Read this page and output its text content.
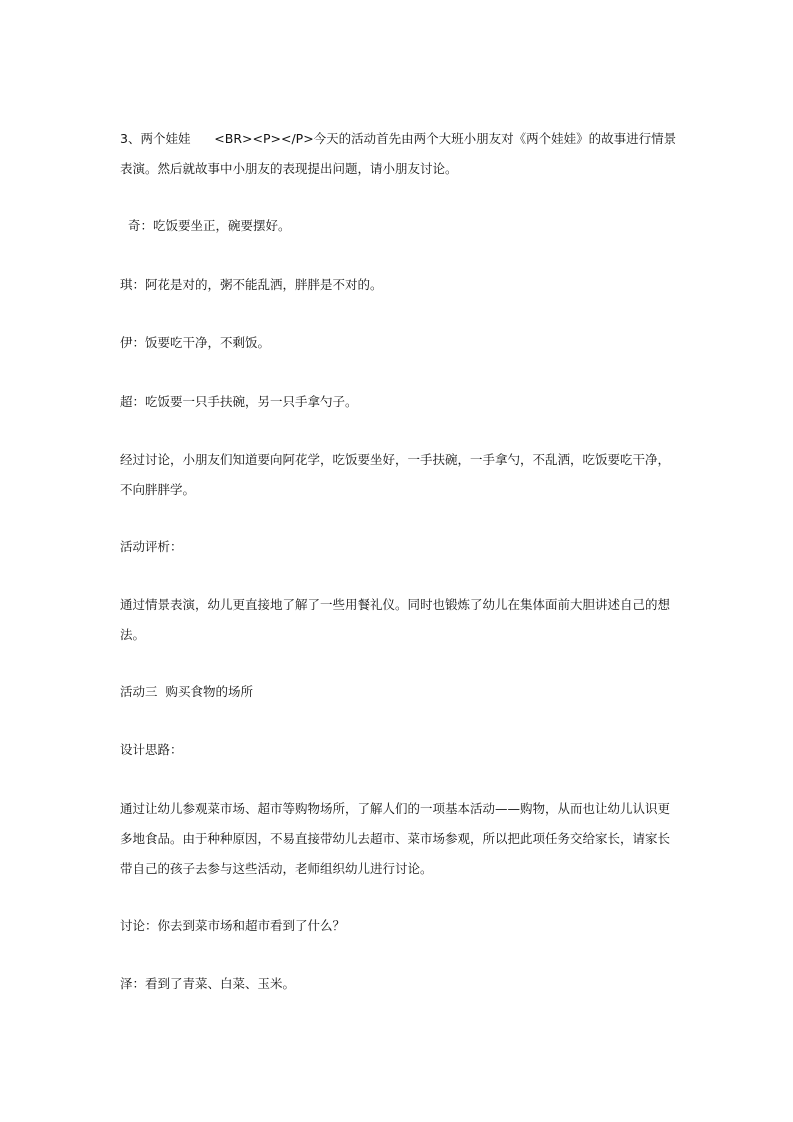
3、两个娃娃      <BR><P></P>今天的活动首先由两个大班小朋友对《两个娃娃》的故事进行情景表演。然后就故事中小朋友的表现提出问题，请小朋友讨论。

奇：吃饭要坐正，碗要摆好。

琪：阿花是对的，粥不能乱洒，胖胖是不对的。

伊：饭要吃干净，不剩饭。

超：吃饭要一只手扶碗，另一只手拿勺子。

经过讨论，小朋友们知道要向阿花学，吃饭要坐好，一手扶碗，一手拿勺，不乱洒，吃饭要吃干净，不向胖胖学。

活动评析：

通过情景表演，幼儿更直接地了解了一些用餐礼仪。同时也锻炼了幼儿在集体面前大胆讲述自己的想法。

活动三  购买食物的场所

设计思路：

通过让幼儿参观菜市场、超市等购物场所，了解人们的一项基本活动——购物，从而也让幼儿认识更多地食品。由于种种原因，不易直接带幼儿去超市、菜市场参观，所以把此项任务交给家长，请家长带自己的孩子去参与这些活动，老师组织幼儿进行讨论。

讨论：你去到菜市场和超市看到了什么？

泽：看到了青菜、白菜、玉米。
